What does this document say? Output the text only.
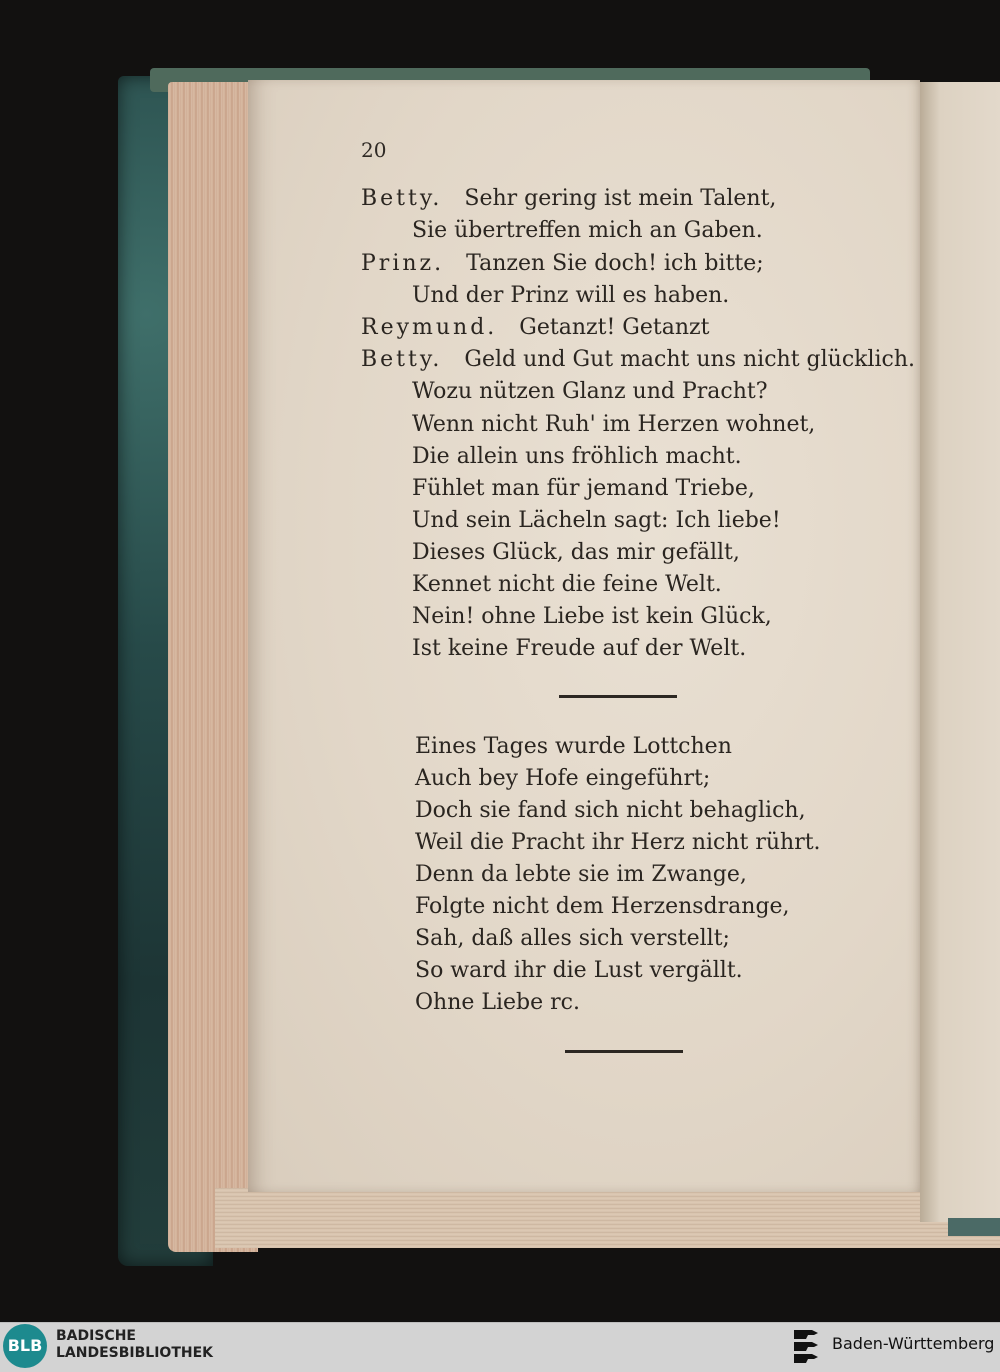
20
Betty. Sehr gering ist mein Talent,
Sie übertreffen mich an Gaben.
Prinz. Tanzen Sie doch! ich bitte;
Und der Prinz will es haben.
Reymund. Getanzt! Getanzt
Betty. Geld und Gut macht uns nicht glücklich.
Wozu nützen Glanz und Pracht?
Wenn nicht Ruh' im Herzen wohnet,
Die allein uns fröhlich macht.
Fühlet man für jemand Triebe,
Und sein Lächeln sagt: Ich liebe!
Dieses Glück, das mir gefällt,
Kennet nicht die feine Welt.
Nein! ohne Liebe ist kein Glück,
Ist keine Freude auf der Welt.
Eines Tages wurde Lottchen
Auch bey Hofe eingeführt;
Doch sie fand sich nicht behaglich,
Weil die Pracht ihr Herz nicht rührt.
Denn da lebte sie im Zwange,
Folgte nicht dem Herzensdrange,
Sah, daß alles sich verstellt;
So ward ihr die Lust vergällt.
Ohne Liebe rc.
BLB BADISCHE
LANDESBIBLIOTHEK	Baden-Württemberg
